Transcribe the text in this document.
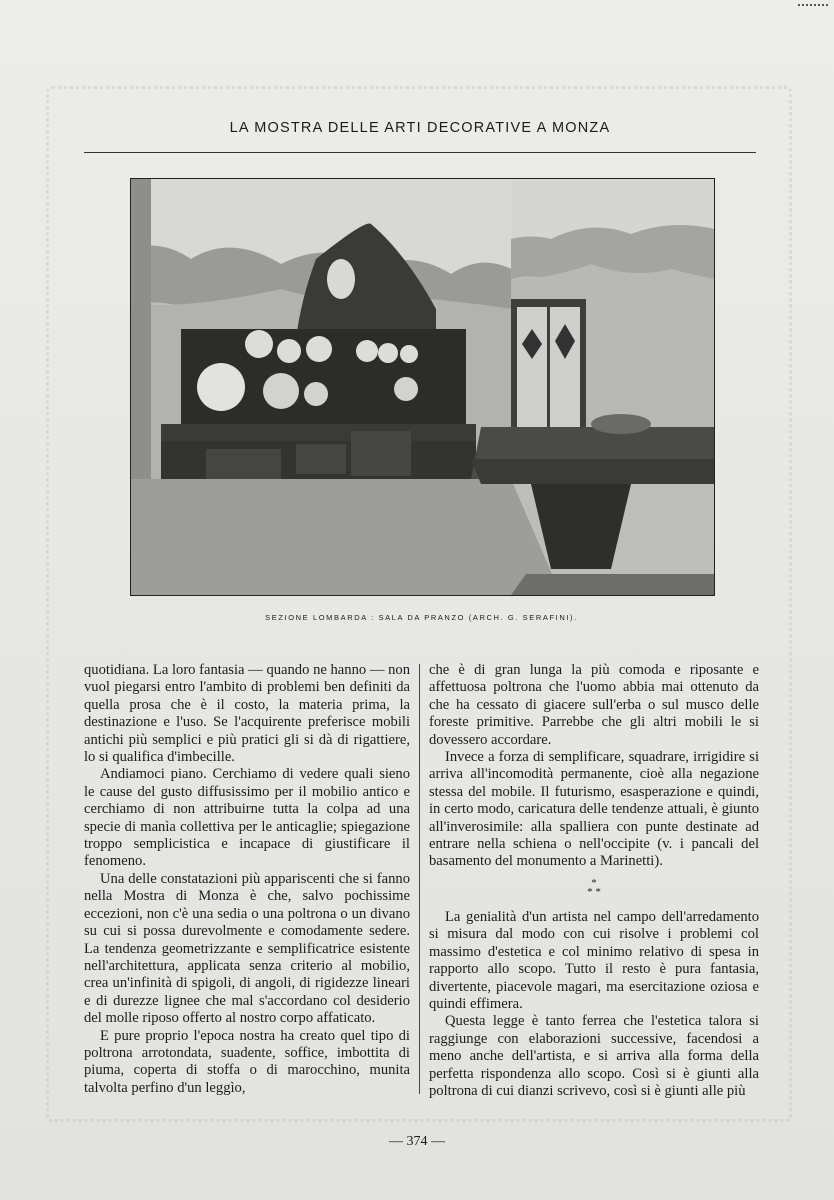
LA MOSTRA DELLE ARTI DECORATIVE A MONZA
SEZIONE LOMBARDA : SALA DA PRANZO (ARCH. G. SERAFINI).

quotidiana. La loro fantasia — quando ne hanno — non vuol piegarsi entro l'ambito di problemi ben definiti da quella prosa che è il costo, la materia prima, la destinazione e l'uso. Se l'acquirente preferisce mobili antichi più semplici e più pratici gli si dà di rigattiere, lo si qualifica d'imbecille.

Andiamoci piano. Cerchiamo di vedere quali sieno le cause del gusto diffusissimo per il mobilio antico e cerchiamo di non attribuirne tutta la colpa ad una specie di manìa collettiva per le anticaglie; spiegazione troppo semplicistica e incapace di giustificare il fenomeno.

Una delle constatazioni più appariscenti che si fanno nella Mostra di Monza è che, salvo pochissime eccezioni, non c'è una sedia o una poltrona o un divano su cui si possa durevolmente e comodamente sedere. La tendenza geometrizzante e semplificatrice esistente nell'architettura, applicata senza criterio al mobilio, crea un'infinità di spigoli, di angoli, di rigidezze lineari e di durezze lignee che mal s'accordano col desiderio del molle riposo offerto al nostro corpo affaticato.

E pure proprio l'epoca nostra ha creato quel tipo di poltrona arrotondata, suadente, soffice, imbottita di piuma, coperta di stoffa o di marocchino, munita talvolta perfino d'un leggìo,

che è di gran lunga la più comoda e riposante e affettuosa poltrona che l'uomo abbia mai ottenuto da che ha cessato di giacere sull'erba o sul musco delle foreste primitive. Parrebbe che gli altri mobili le si dovessero accordare.

Invece a forza di semplificare, squadrare, irrigidire si arriva all'incomodità permanente, cioè alla negazione stessa del mobile. Il futurismo, esasperazione e quindi, in certo modo, caricatura delle tendenze attuali, è giunto all'inverosimile: alla spalliera con punte destinate ad entrare nella schiena o nell'occipite (v. i pancali del basamento del monumento a Marinetti).

*
* *

La genialità d'un artista nel campo dell'arredamento si misura dal modo con cui risolve i problemi col massimo d'estetica e col minimo relativo di spesa in rapporto allo scopo. Tutto il resto è pura fantasia, divertente, piacevole magari, ma esercitazione oziosa e quindi effimera.

Questa legge è tanto ferrea che l'estetica talora si raggiunge con elaborazioni successive, facendosi a meno anche dell'artista, e si arriva alla forma della perfetta rispondenza allo scopo. Così si è giunti alla poltrona di cui dianzi scrivevo, così si è giunti alle più

— 374 —
